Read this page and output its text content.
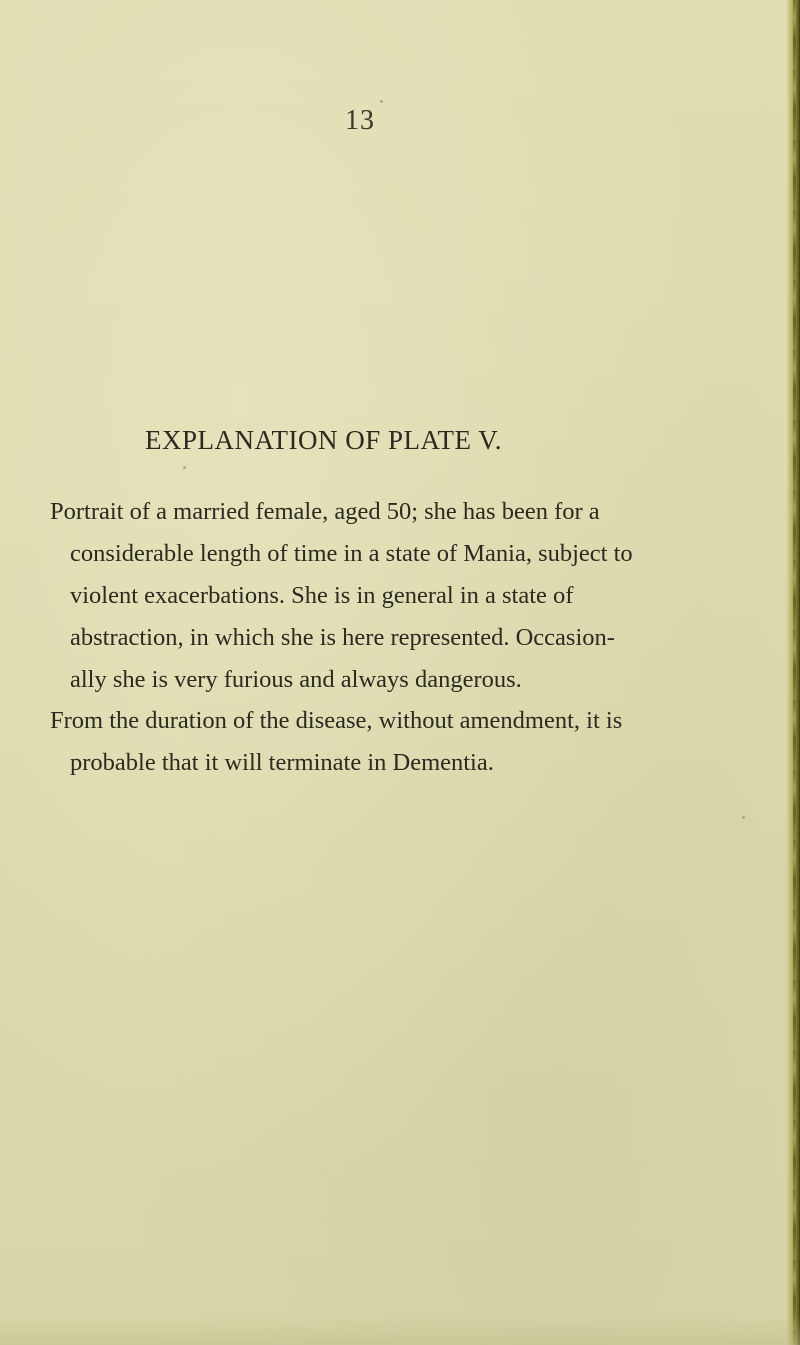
13
EXPLANATION OF PLATE V.

Portrait of a married female, aged 50; she has been for a
considerable length of time in a state of Mania, subject to
violent exacerbations. She is in general in a state of
abstraction, in which she is here represented. Occasion-
ally she is very furious and always dangerous.

From the duration of the disease, without amendment, it is
probable that it will terminate in Dementia.
